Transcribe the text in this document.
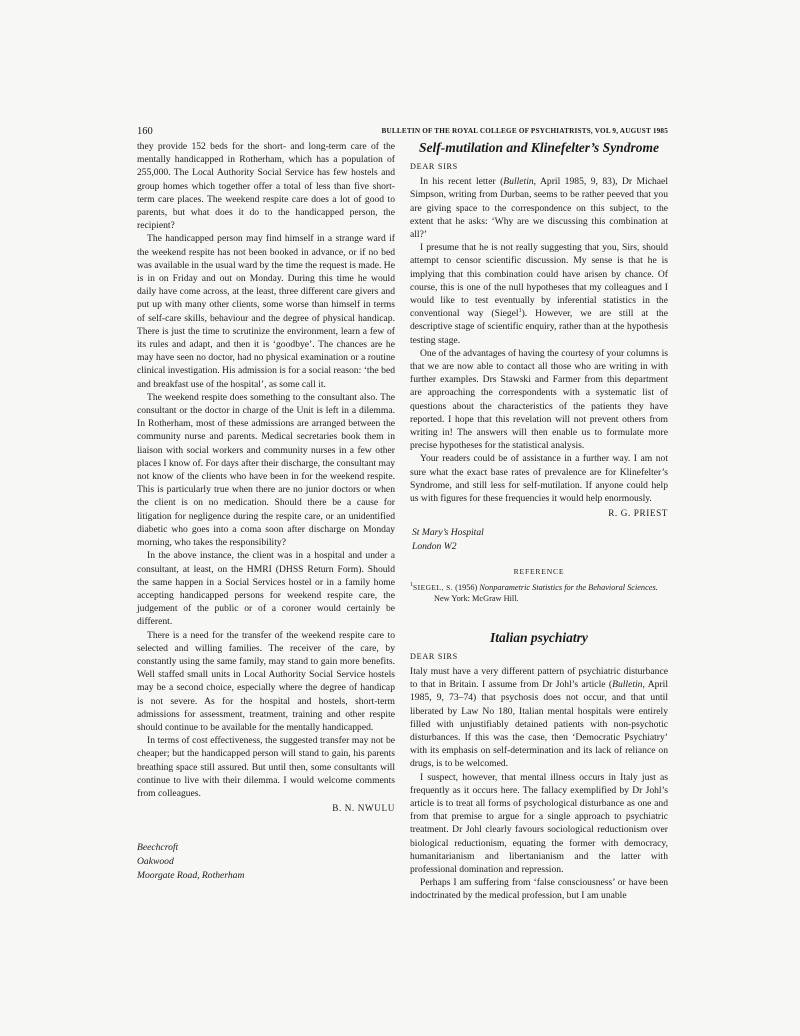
160	BULLETIN OF THE ROYAL COLLEGE OF PSYCHIATRISTS, VOL 9, AUGUST 1985

they provide 152 beds for the short- and long-term care of the mentally handicapped in Rotherham, which has a population of 255,000. The Local Authority Social Service has few hostels and group homes which together offer a total of less than five short-term care places. The weekend respite care does a lot of good to parents, but what does it do to the handicapped person, the recipient?

The handicapped person may find himself in a strange ward if the weekend respite has not been booked in advance, or if no bed was available in the usual ward by the time the request is made. He is in on Friday and out on Monday. During this time he would daily have come across, at the least, three different care givers and put up with many other clients, some worse than himself in terms of self-care skills, behaviour and the degree of physical handicap. There is just the time to scrutinize the environment, learn a few of its rules and adapt, and then it is ‘goodbye’. The chances are he may have seen no doctor, had no physical examination or a routine clinical investigation. His admission is for a social reason: ‘the bed and breakfast use of the hospital’, as some call it.

The weekend respite does something to the consultant also. The consultant or the doctor in charge of the Unit is left in a dilemma. In Rotherham, most of these admissions are arranged between the community nurse and parents. Medical secretaries book them in liaison with social workers and community nurses in a few other places I know of. For days after their discharge, the consultant may not know of the clients who have been in for the weekend respite. This is particularly true when there are no junior doctors or when the client is on no medication. Should there be a cause for litigation for negligence during the respite care, or an unidentified diabetic who goes into a coma soon after discharge on Monday morning, who takes the responsibility?

In the above instance, the client was in a hospital and under a consultant, at least, on the HMRI (DHSS Return Form). Should the same happen in a Social Services hostel or in a family home accepting handicapped persons for weekend respite care, the judgement of the public or of a coroner would certainly be different.

There is a need for the transfer of the weekend respite care to selected and willing families. The receiver of the care, by constantly using the same family, may stand to gain more benefits. Well staffed small units in Local Authority Social Service hostels may be a second choice, especially where the degree of handicap is not severe. As for the hospital and hostels, short-term admissions for assessment, treatment, training and other respite should continue to be available for the mentally handicapped.

In terms of cost effectiveness, the suggested transfer may not be cheaper; but the handicapped person will stand to gain, his parents breathing space still assured. But until then, some consultants will continue to live with their dilemma. I would welcome comments from colleagues.

B. N. NWULU

Beechcroft
Oakwood
Moorgate Road, Rotherham
Self-mutilation and Klinefelter’s Syndrome
DEAR SIRS

In his recent letter (Bulletin, April 1985, 9, 83), Dr Michael Simpson, writing from Durban, seems to be rather peeved that you are giving space to the correspondence on this subject, to the extent that he asks: ‘Why are we discussing this combination at all?’

I presume that he is not really suggesting that you, Sirs, should attempt to censor scientific discussion. My sense is that he is implying that this combination could have arisen by chance. Of course, this is one of the null hypotheses that my colleagues and I would like to test eventually by inferential statistics in the conventional way (Siegel$^1$). However, we are still at the descriptive stage of scientific enquiry, rather than at the hypothesis testing stage.

One of the advantages of having the courtesy of your columns is that we are now able to contact all those who are writing in with further examples. Drs Stawski and Farmer from this department are approaching the correspondents with a systematic list of questions about the characteristics of the patients they have reported. I hope that this revelation will not prevent others from writing in! The answers will then enable us to formulate more precise hypotheses for the statistical analysis.

Your readers could be of assistance in a further way. I am not sure what the exact base rates of prevalence are for Klinefelter’s Syndrome, and still less for self-mutilation. If anyone could help us with figures for these frequencies it would help enormously.

R. G. PRIEST

St Mary’s Hospital
London W2
REFERENCE

$^1$SIEGEL, S. (1956) Nonparametric Statistics for the Behavioral Sciences. New York: McGraw Hill.

Italian psychiatry
DEAR SIRS

Italy must have a very different pattern of psychiatric disturbance to that in Britain. I assume from Dr Johl’s article (Bulletin, April 1985, 9, 73–74) that psychosis does not occur, and that until liberated by Law No 180, Italian mental hospitals were entirely filled with unjustifiably detained patients with non-psychotic disturbances. If this was the case, then ‘Democratic Psychiatry’ with its emphasis on self-determination and its lack of reliance on drugs, is to be welcomed.

I suspect, however, that mental illness occurs in Italy just as frequently as it occurs here. The fallacy exemplified by Dr Johl’s article is to treat all forms of psychological disturbance as one and from that premise to argue for a single approach to psychiatric treatment. Dr Johl clearly favours sociological reductionism over biological reductionism, equating the former with democracy, humanitarianism and libertanianism and the latter with professional domination and repression.

Perhaps I am suffering from ‘false consciousness’ or have been indoctrinated by the medical profession, but I am unable
